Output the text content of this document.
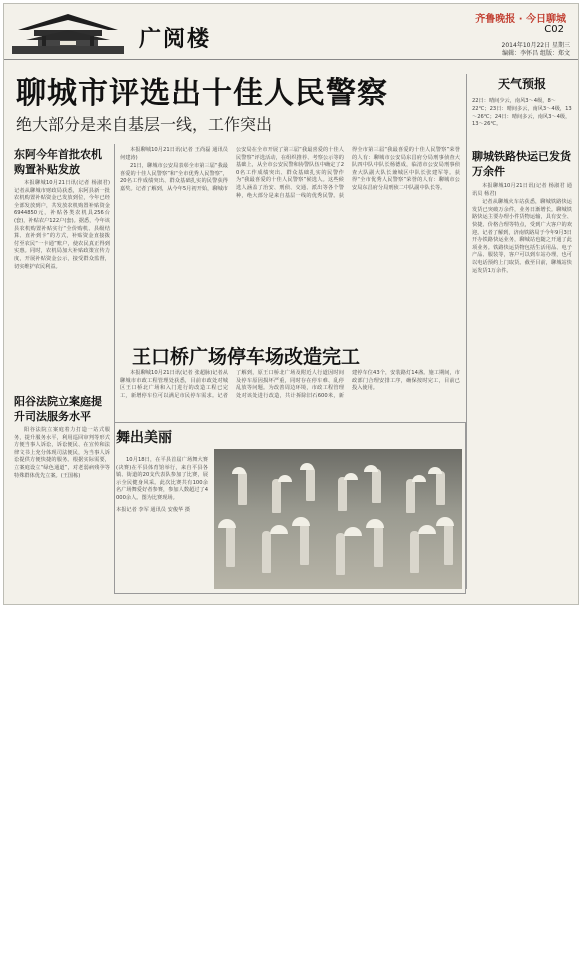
广阅楼
齐鲁晚报 · 今日聊城
C02
2014年10月22日 星期三
编辑：李怀昌 组版：郑文
聊城市评选出十佳人民警察
绝大部分是来自基层一线，工作突出
东阿今年首批农机购置补贴发放

本报聊城10月21日讯(记者 杨淑君)记者从聊城市财政局获悉，东阿县新一批农机购置补贴资金已发放到位，今年已经全部发放到户，共发放农机购置补贴资金6944850元，补贴各类农机具256台(套)，补贴农户122户(套)。据悉，今年该县农机购置补贴实行“全价购机、县级结算、直补到卡”的方式，补贴资金直接拨付至农民“一卡通”账户，使农民真正得到实惠。同时，农机局加大补贴政策宣传力度，开展补贴资金公示，接受群众监督，切实维护农民利益。

阳谷法院立案庭提升司法服务水平

阳谷法院立案庭着力打造一站式服务，提升服务水平，利用巡回审判等形式方便当事人诉讼，诉讼便民、在宣传和法律文书上充分体现司法便民，为当事人诉讼提供方便快捷的服务。根据实际需要，立案庭设立“绿色通道”，对老弱病残孕等特殊群体优先立案。(王国栋)

本报聊城10月21日讯(记者 王尚磊 通讯员 何建涛)

21日，聊城市公安局表彰全市第三届“我最喜爱的十佳人民警察”和“全市优秀人民警察”，20名工作成绩突出、群众基础扎实的民警获得嘉奖。记者了解到，从今年5月初开始，聊城市公安局在全市开展了第三届“我最喜爱的十佳人民警察”评选活动，在组织推荐、考察公示等的基础上，从全市公安民警和协警队伍中确定了20名工作成绩突出、群众基础扎实的民警作为“我最喜爱的十佳人民警察”候选人。这些候选人涵盖了治安、刑侦、交通、派出等各个警种，绝大部分是来自基层一线的优秀民警。获得全市第三届“我最喜爱的十佳人民警察”荣誉的人有：聊城市公安局东昌府分局刑事侦查大队四中队中队长杨德成，临清市公安局刑事侦查大队副大队长兼城区中队长张建军等。获得“全市优秀人民警察”荣誉的人有：聊城市公安局东昌府分局刑侦二中队副中队长等。

天气预报
22日：晴间少云，南风3～4级，8～22℃；23日：晴间多云，南风3～4级，13～26℃；24日：晴间多云，南风3～4级，13～26℃。
聊城铁路快运已发货万余件

本报聊城10月21日讯(记者 杨淑君 通讯员 杨君)

记者从聊城火车站获悉，聊城铁路快运发货已突破万余件，业务日渐增长。聊城铁路快运主要办理小件货物运输，具有安全、快捷、价格合理等特点，受到广大客户的欢迎。记者了解到，济南铁路局于今年9月3日开办铁路快运业务，聊城站也随之开通了此项业务。铁路快运货物包括生活用品、电子产品、服装等，客户可以到车站办理，也可以电话预约上门取货。截至目前，聊城站快运发货1万余件。

王口桥广场停车场改造完工

本报聊城10月21日讯(记者 张超脉)记者从聊城市市政工程管理处获悉，目前市政处对城区王口桥北广场和入门进行的改造工程已完工，新增停车位可以满足市民停车需求。记者了解到，原王口桥北广场及附近人行道因时间及停车原因损坏严重，同时存在停车难、乱停乱放等问题。为改善周边环境，市政工程管理处对该处进行改造，共计拆除旧石600米，新建停车位43个，安装路灯14盏。施工期间，市政部门合理安排工序，确保按时完工，目前已投入使用。

舞出美丽

10月18日，在平县首届广场舞大赛(决赛)在平县体育馆举行，来自平县各镇、街道的20支代表队参加了比赛，展示全民健身风采。此次比赛共有100余名广场舞爱好者参赛，参加人数超过了4000余人。图为比赛现场。

本报记者 李军 通讯员 安俊华 摄
